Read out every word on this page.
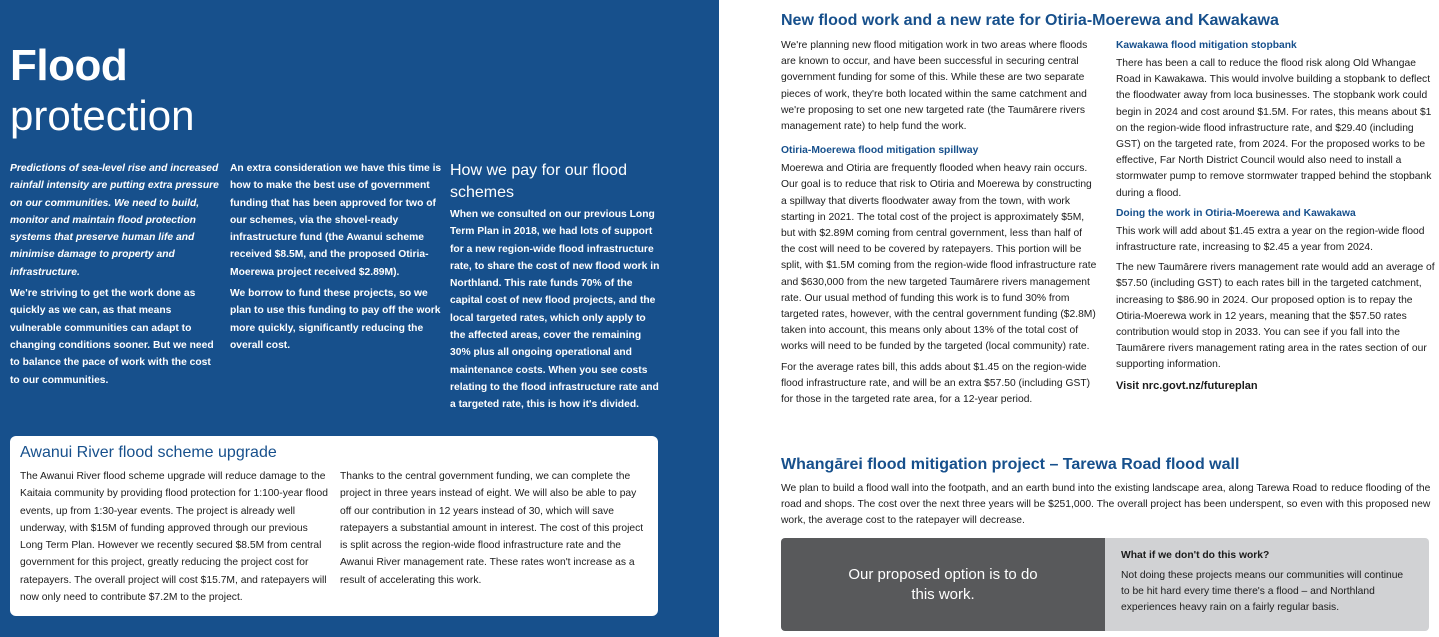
Flood
protection

Predictions of sea-level rise and increased rainfall intensity are putting extra pressure on our communities. We need to build, monitor and maintain flood protection systems that preserve human life and minimise damage to property and infrastructure.

We're striving to get the work done as quickly as we can, as that means vulnerable communities can adapt to changing conditions sooner. But we need to balance the pace of work with the cost to our communities.

An extra consideration we have this time is how to make the best use of government funding that has been approved for two of our schemes, via the shovel-ready infrastructure fund (the Awanui scheme received $8.5M, and the proposed Otiria-Moerewa project received $2.89M).

We borrow to fund these projects, so we plan to use this funding to pay off the work more quickly, significantly reducing the overall cost.

How we pay for our flood schemes

When we consulted on our previous Long Term Plan in 2018, we had lots of support for a new region-wide flood infrastructure rate, to share the cost of new flood work in Northland. This rate funds 70% of the capital cost of new flood projects, and the local targeted rates, which only apply to the affected areas, cover the remaining 30% plus all ongoing operational and maintenance costs. When you see costs relating to the flood infrastructure rate and a targeted rate, this is how it's divided.

Awanui River flood scheme upgrade

The Awanui River flood scheme upgrade will reduce damage to the Kaitaia community by providing flood protection for 1:100-year flood events, up from 1:30-year events. The project is already well underway, with $15M of funding approved through our previous Long Term Plan. However we recently secured $8.5M from central government for this project, greatly reducing the project cost for ratepayers. The overall project will cost $15.7M, and ratepayers will now only need to contribute $7.2M to the project.

Thanks to the central government funding, we can complete the project in three years instead of eight. We will also be able to pay off our contribution in 12 years instead of 30, which will save ratepayers a substantial amount in interest. The cost of this project is split across the region-wide flood infrastructure rate and the Awanui River management rate. These rates won't increase as a result of accelerating this work.

New flood work and a new rate for Otiria-Moerewa and Kawakawa

We're planning new flood mitigation work in two areas where floods are known to occur, and have been successful in securing central government funding for some of this. While these are two separate pieces of work, they're both located within the same catchment and we're proposing to set one new targeted rate (the Taumārere rivers management rate) to help fund the work.

Otiria-Moerewa flood mitigation spillway

Moerewa and Otiria are frequently flooded when heavy rain occurs. Our goal is to reduce that risk to Otiria and Moerewa by constructing a spillway that diverts floodwater away from the town, with work starting in 2021. The total cost of the project is approximately $5M, but with $2.89M coming from central government, less than half of the cost will need to be covered by ratepayers. This portion will be split, with $1.5M coming from the region-wide flood infrastructure rate and $630,000 from the new targeted Taumārere rivers management rate. Our usual method of funding this work is to fund 30% from targeted rates, however, with the central government funding ($2.8M) taken into account, this means only about 13% of the total cost of works will need to be funded by the targeted (local community) rate.

For the average rates bill, this adds about $1.45 on the region-wide flood infrastructure rate, and will be an extra $57.50 (including GST) for those in the targeted rate area, for a 12-year period.

Kawakawa flood mitigation stopbank

There has been a call to reduce the flood risk along Old Whangae Road in Kawakawa. This would involve building a stopbank to deflect the floodwater away from loca businesses. The stopbank work could begin in 2024 and cost around $1.5M. For rates, this means about $1 on the region-wide flood infrastructure rate, and $29.40 (including GST) on the targeted rate, from 2024. For the proposed works to be effective, Far North District Council would also need to install a stormwater pump to remove stormwater trapped behind the stopbank during a flood.

Doing the work in Otiria-Moerewa and Kawakawa

This work will add about $1.45 extra a year on the region-wide flood infrastructure rate, increasing to $2.45 a year from 2024.

The new Taumārere rivers management rate would add an average of $57.50 (including GST) to each rates bill in the targeted catchment, increasing to $86.90 in 2024. Our proposed option is to repay the Otiria-Moerewa work in 12 years, meaning that the $57.50 rates contribution would stop in 2033. You can see if you fall into the Taumārere rivers management rating area in the rates section of our supporting information.

Visit nrc.govt.nz/futureplan

Whangārei flood mitigation project – Tarewa Road flood wall

We plan to build a flood wall into the footpath, and an earth bund into the existing landscape area, along Tarewa Road to reduce flooding of the road and shops. The cost over the next three years will be $251,000. The overall project has been underspent, so even with this proposed new work, the average cost to the ratepayer will decrease.

Our proposed option is to do this work.
What if we don't do this work?

Not doing these projects means our communities will continue to be hit hard every time there's a flood – and Northland experiences heavy rain on a fairly regular basis.
